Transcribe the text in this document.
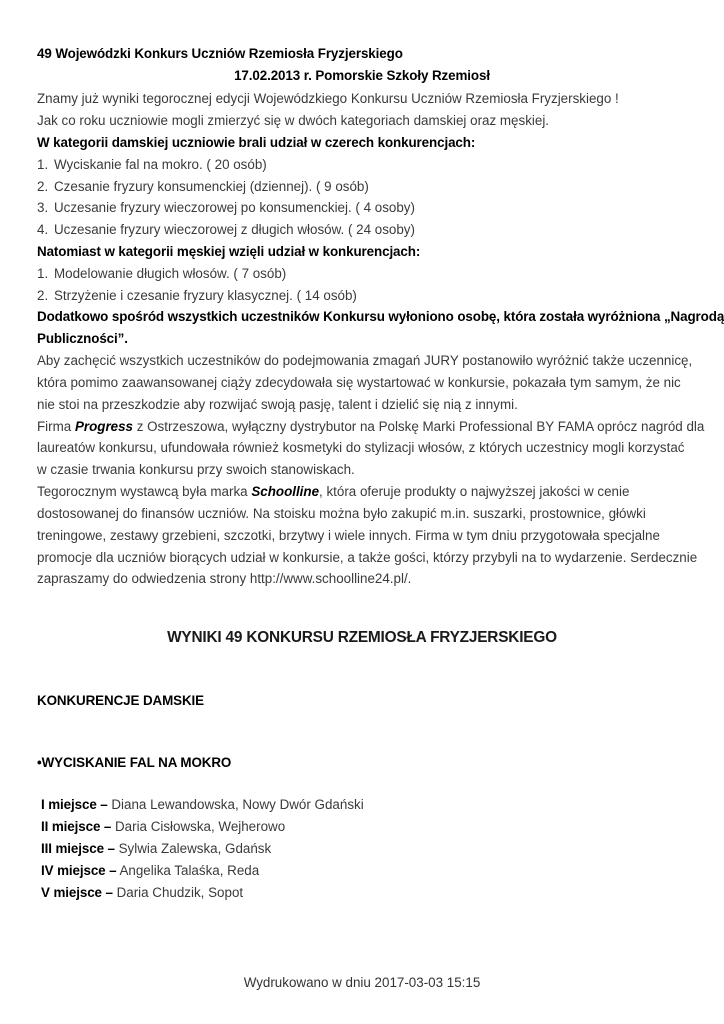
49 Wojewódzki Konkurs Uczniów Rzemiosła Fryzjerskiego
17.02.2013 r. Pomorskie Szkoły Rzemiosł
Znamy już wyniki tegorocznej edycji Wojewódzkiego Konkursu Uczniów Rzemiosła Fryzjerskiego !
Jak co roku uczniowie mogli zmierzyć się w dwóch kategoriach damskiej oraz męskiej.
W kategorii damskiej uczniowie brali udział w czerech konkurencjach:
1. Wyciskanie fal na mokro. ( 20 osób)
2. Czesanie fryzury konsumenckiej (dziennej). ( 9 osób)
3. Uczesanie fryzury wieczorowej po konsumenckiej. ( 4 osoby)
4. Uczesanie fryzury wieczorowej z długich włosów. ( 24 osoby)
Natomiast w kategorii męskiej wzięli udział w konkurencjach:
1. Modelowanie długich włosów. ( 7 osób)
2. Strzyżenie i czesanie fryzury klasycznej. ( 14 osób)
Dodatkowo spośród wszystkich uczestników Konkursu wyłoniono osobę, która została wyróżniona „Nagrodą
Publiczności”.
Aby zachęcić wszystkich uczestników do podejmowania zmagań JURY postanowiło wyróżnić także uczennicę,
która pomimo zaawansowanej ciąży zdecydowała się wystartować w konkursie, pokazała tym samym, że nic
nie stoi na przeszkodzie aby rozwijać swoją pasję, talent i dzielić się nią z innymi.
Firma Progress z Ostrzeszowa, wyłączny dystrybutor na Polskę Marki Professional BY FAMA oprócz nagród dla
laureatów konkursu, ufundowała również kosmetyki do stylizacji włosów, z których uczestnicy mogli korzystać
w czasie trwania konkursu przy swoich stanowiskach.
Tegorocznym wystawcą była marka Schoolline, która oferuje produkty o najwyższej jakości w cenie
dostosowanej do finansów uczniów. Na stoisku można było zakupić m.in. suszarki, prostownice, główki
treningowe, zestawy grzebieni, szczotki, brzytwy i wiele innych. Firma w tym dniu przygotowała specjalne
promocje dla uczniów biorących udział w konkursie, a także gości, którzy przybyli na to wydarzenie. Serdecznie
zapraszamy do odwiedzenia strony http://www.schoolline24.pl/.
WYNIKI 49 KONKURSU RZEMIOSŁA FRYZJERSKIEGO
KONKURENCJE DAMSKIE
•WYCISKANIE FAL NA MOKRO
I miejsce – Diana Lewandowska, Nowy Dwór Gdański
II miejsce – Daria Cisłowska, Wejherowo
III miejsce – Sylwia Zalewska, Gdańsk
IV miejsce – Angelika Talaśka, Reda
V miejsce – Daria Chudzik, Sopot
Wydrukowano w dniu 2017-03-03 15:15
